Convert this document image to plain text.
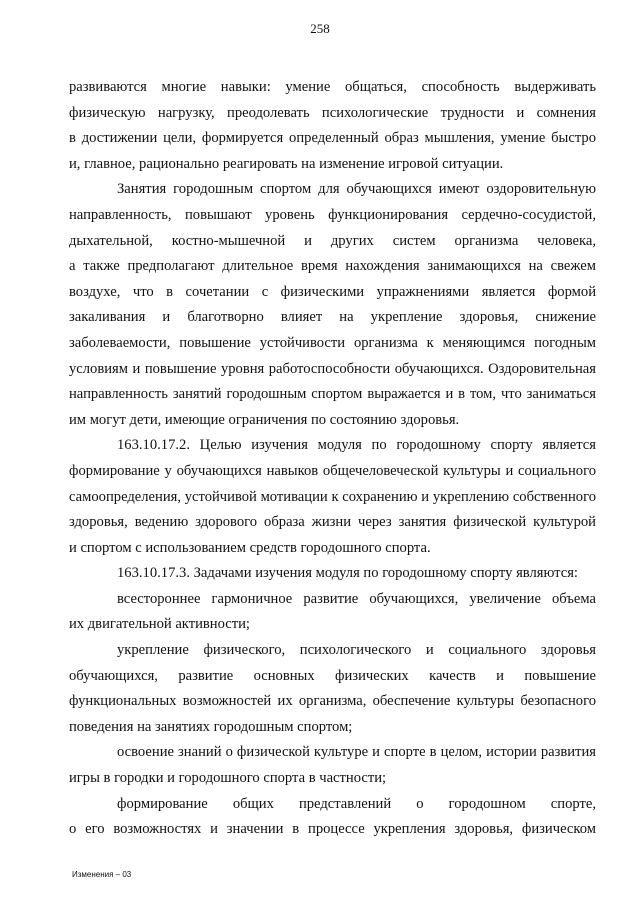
258
развиваются многие навыки: умение общаться, способность выдерживать
физическую нагрузку, преодолевать психологические трудности и сомнения
в достижении цели, формируется определенный образ мышления, умение быстро
и, главное, рационально реагировать на изменение игровой ситуации.
Занятия городошным спортом для обучающихся имеют оздоровительную
направленность, повышают уровень функционирования сердечно-сосудистой,
дыхательной, костно-мышечной и других систем организма человека,
а также предполагают длительное время нахождения занимающихся на свежем
воздухе, что в сочетании с физическими упражнениями является формой
закаливания и благотворно влияет на укрепление здоровья, снижение
заболеваемости, повышение устойчивости организма к меняющимся погодным
условиям и повышение уровня работоспособности обучающихся. Оздоровительная
направленность занятий городошным спортом выражается и в том, что заниматься
им могут дети, имеющие ограничения по состоянию здоровья.
163.10.17.2. Целью изучения модуля по городошному спорту является
формирование у обучающихся навыков общечеловеческой культуры и социального
самоопределения, устойчивой мотивации к сохранению и укреплению собственного
здоровья, ведению здорового образа жизни через занятия физической культурой
и спортом с использованием средств городошного спорта.
163.10.17.3. Задачами изучения модуля по городошному спорту являются:
всестороннее гармоничное развитие обучающихся, увеличение объема
их двигательной активности;
укрепление физического, психологического и социального здоровья
обучающихся, развитие основных физических качеств и повышение
функциональных возможностей их организма, обеспечение культуры безопасного
поведения на занятиях городошным спортом;
освоение знаний о физической культуре и спорте в целом, истории развития
игры в городки и городошного спорта в частности;
формирование общих представлений о городошном спорте,
о его возможностях и значении в процессе укрепления здоровья, физическом
Изменения – 03
